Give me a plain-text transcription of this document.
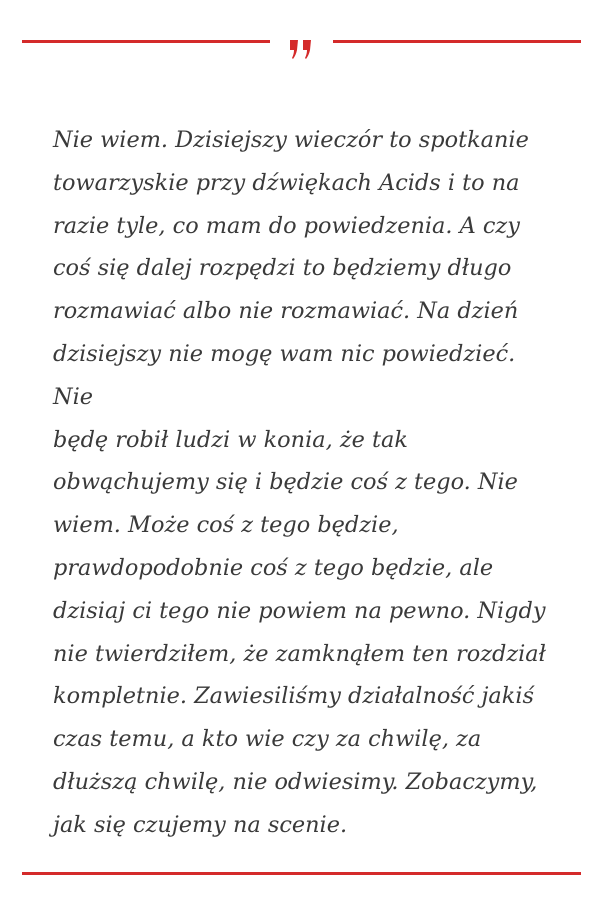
Nie wiem. Dzisiejszy wieczór to spotkanie
towarzyskie przy dźwiękach Acids i to na
razie tyle, co mam do powiedzenia. A czy
coś się dalej rozpędzi to będziemy długo
rozmawiać albo nie rozmawiać. Na dzień
dzisiejszy nie mogę wam nic powiedzieć. Nie
będę robił ludzi w konia, że tak
obwąchujemy się i będzie coś z tego. Nie
wiem. Może coś z tego będzie,
prawdopodobnie coś z tego będzie, ale
dzisiaj ci tego nie powiem na pewno. Nigdy
nie twierdziłem, że zamknąłem ten rozdział
kompletnie. Zawiesiliśmy działalność jakiś
czas temu, a kto wie czy za chwilę, za
dłuższą chwilę, nie odwiesimy. Zobaczymy,
jak się czujemy na scenie.
